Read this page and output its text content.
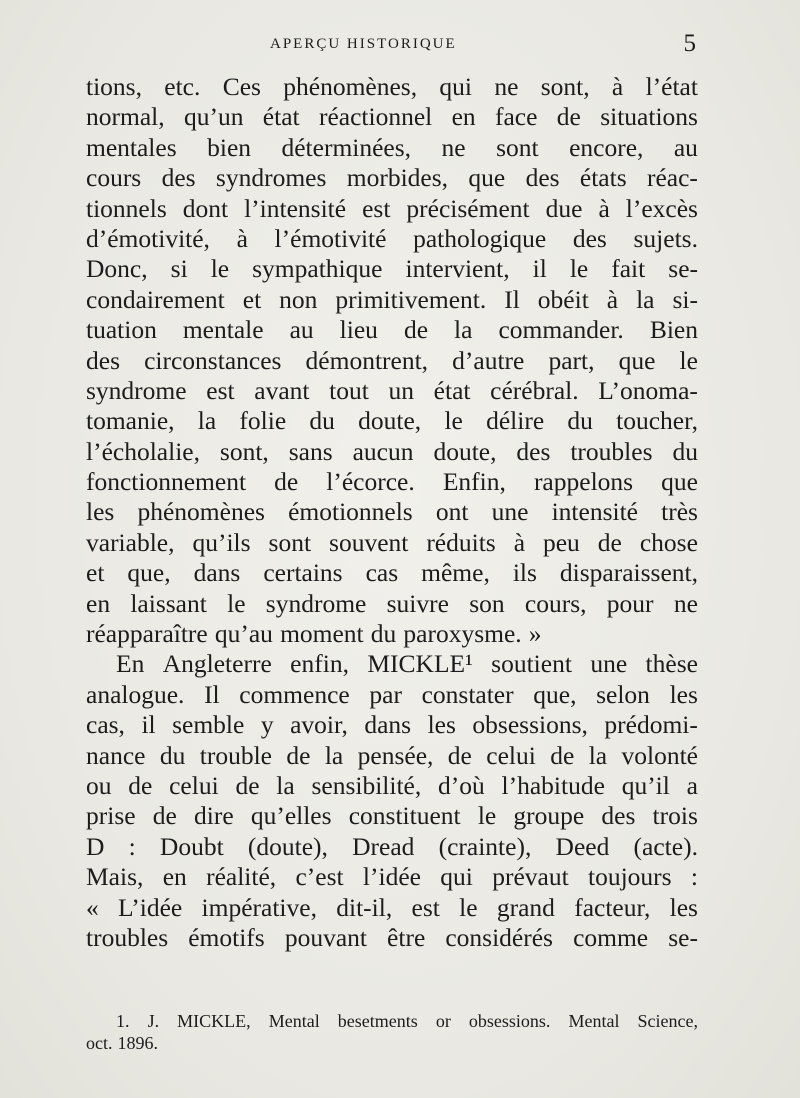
APERÇU HISTORIQUE	5
tions, etc. Ces phénomènes, qui ne sont, à l’état
normal, qu’un état réactionnel en face de situations
mentales bien déterminées, ne sont encore, au
cours des syndromes morbides, que des états réac-
tionnels dont l’intensité est précisément due à l’excès
d’émotivité, à l’émotivité pathologique des sujets.
Donc, si le sympathique intervient, il le fait se-
condairement et non primitivement. Il obéit à la si-
tuation mentale au lieu de la commander. Bien
des circonstances démontrent, d’autre part, que le
syndrome est avant tout un état cérébral. L’onoma-
tomanie, la folie du doute, le délire du toucher,
l’écholalie, sont, sans aucun doute, des troubles du
fonctionnement de l’écorce. Enfin, rappelons que
les phénomènes émotionnels ont une intensité très
variable, qu’ils sont souvent réduits à peu de chose
et que, dans certains cas même, ils disparaissent,
en laissant le syndrome suivre son cours, pour ne
réapparaître qu’au moment du paroxysme. »
En Angleterre enfin, MICKLE¹ soutient une thèse
analogue. Il commence par constater que, selon les
cas, il semble y avoir, dans les obsessions, prédomi-
nance du trouble de la pensée, de celui de la volonté
ou de celui de la sensibilité, d’où l’habitude qu’il a
prise de dire qu’elles constituent le groupe des trois
D : Doubt (doute), Dread (crainte), Deed (acte).
Mais, en réalité, c’est l’idée qui prévaut toujours :
« L’idée impérative, dit-il, est le grand facteur, les
troubles émotifs pouvant être considérés comme se-
1. J. MICKLE, Mental besetments or obsessions. Mental Science,
oct. 1896.
